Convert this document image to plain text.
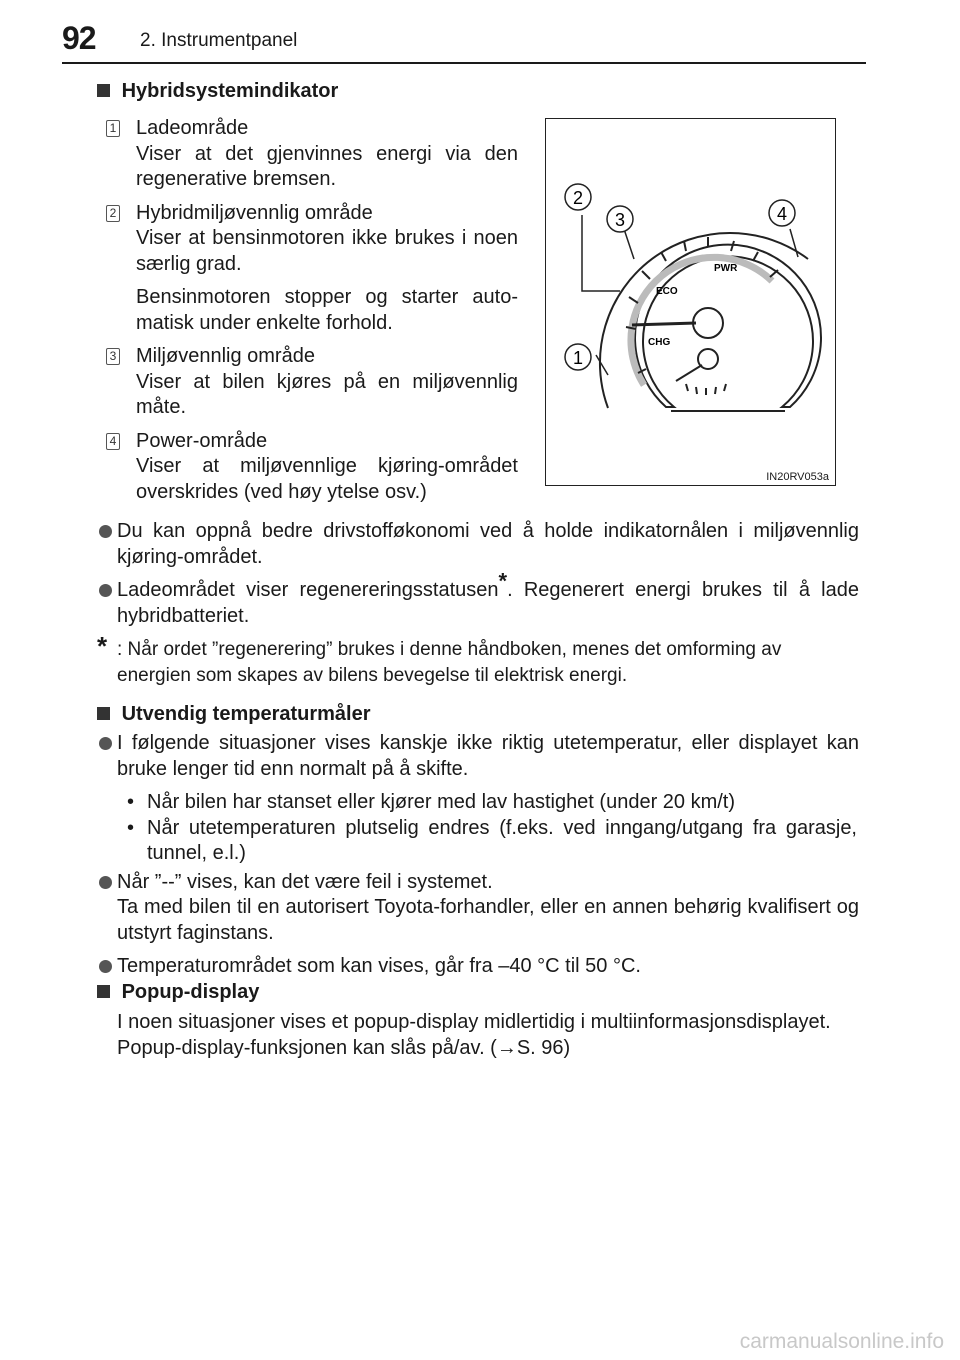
92 2. Instrumentpanel
Hybridsystemindikator
1 Ladeområde
Viser at det gjenvinnes energi via den regenerative bremsen.
2 Hybridmiljøvennlig område
Viser at bensinmotoren ikke brukes i noen særlig grad.
Bensinmotoren stopper og starter automatisk under enkelte forhold.
3 Miljøvennlig område
Viser at bilen kjøres på en miljøvennlig måte.
4 Power-område
Viser at miljøvennlige kjøring-området overskrides (ved høy ytelse osv.)
PWR
ECO
CHG
2
3	4
1
IN20RV053a
Du kan oppnå bedre drivstofføkonomi ved å holde indikatornålen i miljøvennlig kjøring-området.
Ladeområdet viser regenereringsstatusen*. Regenerert energi brukes til å lade hybridbatteriet.
* : Når ordet ”regenerering” brukes i denne håndboken, menes det omforming av energien som skapes av bilens bevegelse til elektrisk energi.
Utvendig temperaturmåler
I følgende situasjoner vises kanskje ikke riktig utetemperatur, eller displayet kan bruke lenger tid enn normalt på å skifte.
• Når bilen har stanset eller kjører med lav hastighet (under 20 km/t)
• Når utetemperaturen plutselig endres (f.eks. ved inngang/utgang fra garasje, tunnel, e.l.)
Når ”--” vises, kan det være feil i systemet.
Ta med bilen til en autorisert Toyota-forhandler, eller en annen behørig kvalifisert og utstyrt faginstans.
Temperaturområdet som kan vises, går fra –40 °C til 50 °C.
Popup-display
I noen situasjoner vises et popup-display midlertidig i multiinformasjonsdisplayet.
Popup-display-funksjonen kan slås på/av. (→S. 96)
carmanualsonline.info
